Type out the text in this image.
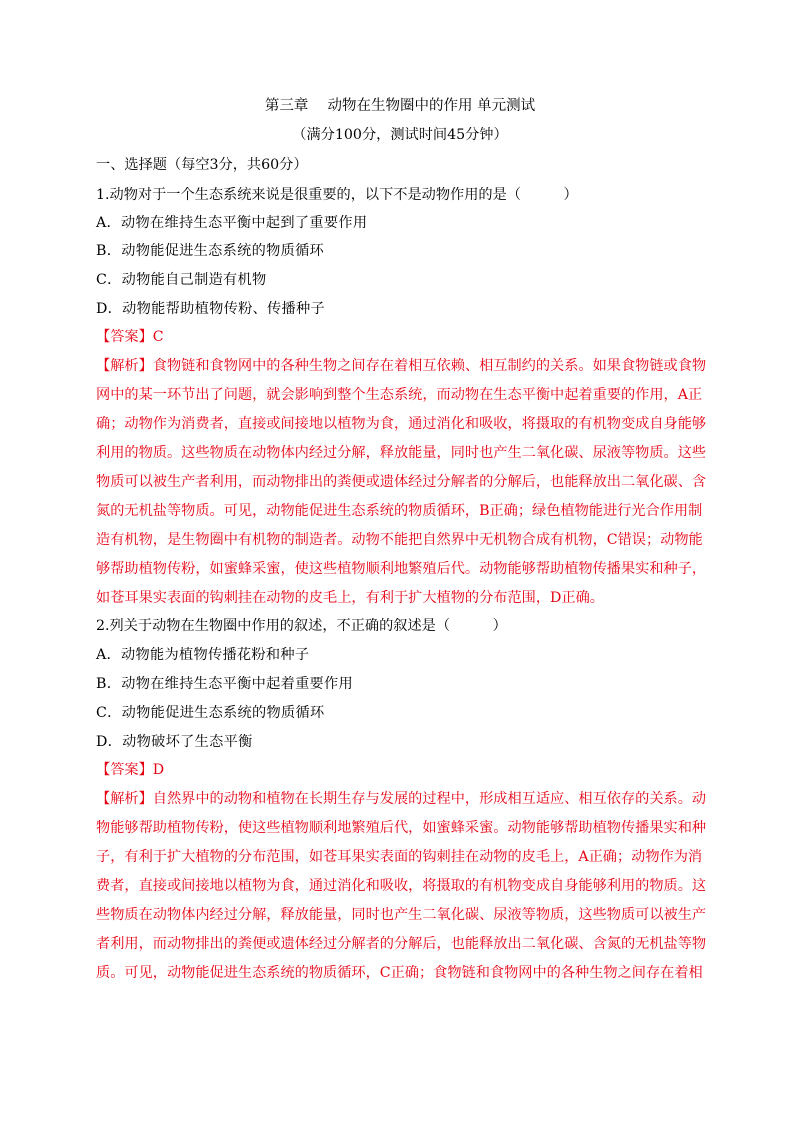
第三章　 动物在生物圈中的作用 单元测试
（满分100分，测试时间45分钟）
一、选择题（每空3分，共60分）
1.动物对于一个生态系统来说是很重要的，以下不是动物作用的是（　　　）
A．动物在维持生态平衡中起到了重要作用
B．动物能促进生态系统的物质循环
C．动物能自己制造有机物
D．动物能帮助植物传粉、传播种子
【答案】C
【解析】食物链和食物网中的各种生物之间存在着相互依赖、相互制约的关系。如果食物链或食物
网中的某一环节出了问题，就会影响到整个生态系统，而动物在生态平衡中起着重要的作用，A正
确；动物作为消费者，直接或间接地以植物为食，通过消化和吸收，将摄取的有机物变成自身能够
利用的物质。这些物质在动物体内经过分解，释放能量，同时也产生二氧化碳、尿液等物质。这些
物质可以被生产者利用，而动物排出的粪便或遗体经过分解者的分解后，也能释放出二氧化碳、含
氮的无机盐等物质。可见，动物能促进生态系统的物质循环，B正确；绿色植物能进行光合作用制
造有机物，是生物圈中有机物的制造者。动物不能把自然界中无机物合成有机物，C错误；动物能
够帮助植物传粉，如蜜蜂采蜜，使这些植物顺利地繁殖后代。动物能够帮助植物传播果实和种子，
如苍耳果实表面的钩刺挂在动物的皮毛上，有利于扩大植物的分布范围，D正确。
2.列关于动物在生物圈中作用的叙述，不正确的叙述是（　　　）
A．动物能为植物传播花粉和种子
B．动物在维持生态平衡中起着重要作用
C．动物能促进生态系统的物质循环
D．动物破坏了生态平衡
【答案】D
【解析】自然界中的动物和植物在长期生存与发展的过程中，形成相互适应、相互依存的关系。动
物能够帮助植物传粉，使这些植物顺利地繁殖后代，如蜜蜂采蜜。动物能够帮助植物传播果实和种
子，有利于扩大植物的分布范围，如苍耳果实表面的钩刺挂在动物的皮毛上，A正确；动物作为消
费者，直接或间接地以植物为食，通过消化和吸收，将摄取的有机物变成自身能够利用的物质。这
些物质在动物体内经过分解，释放能量，同时也产生二氧化碳、尿液等物质，这些物质可以被生产
者利用，而动物排出的粪便或遗体经过分解者的分解后，也能释放出二氧化碳、含氮的无机盐等物
质。可见，动物能促进生态系统的物质循环，C正确；食物链和食物网中的各种生物之间存在着相
